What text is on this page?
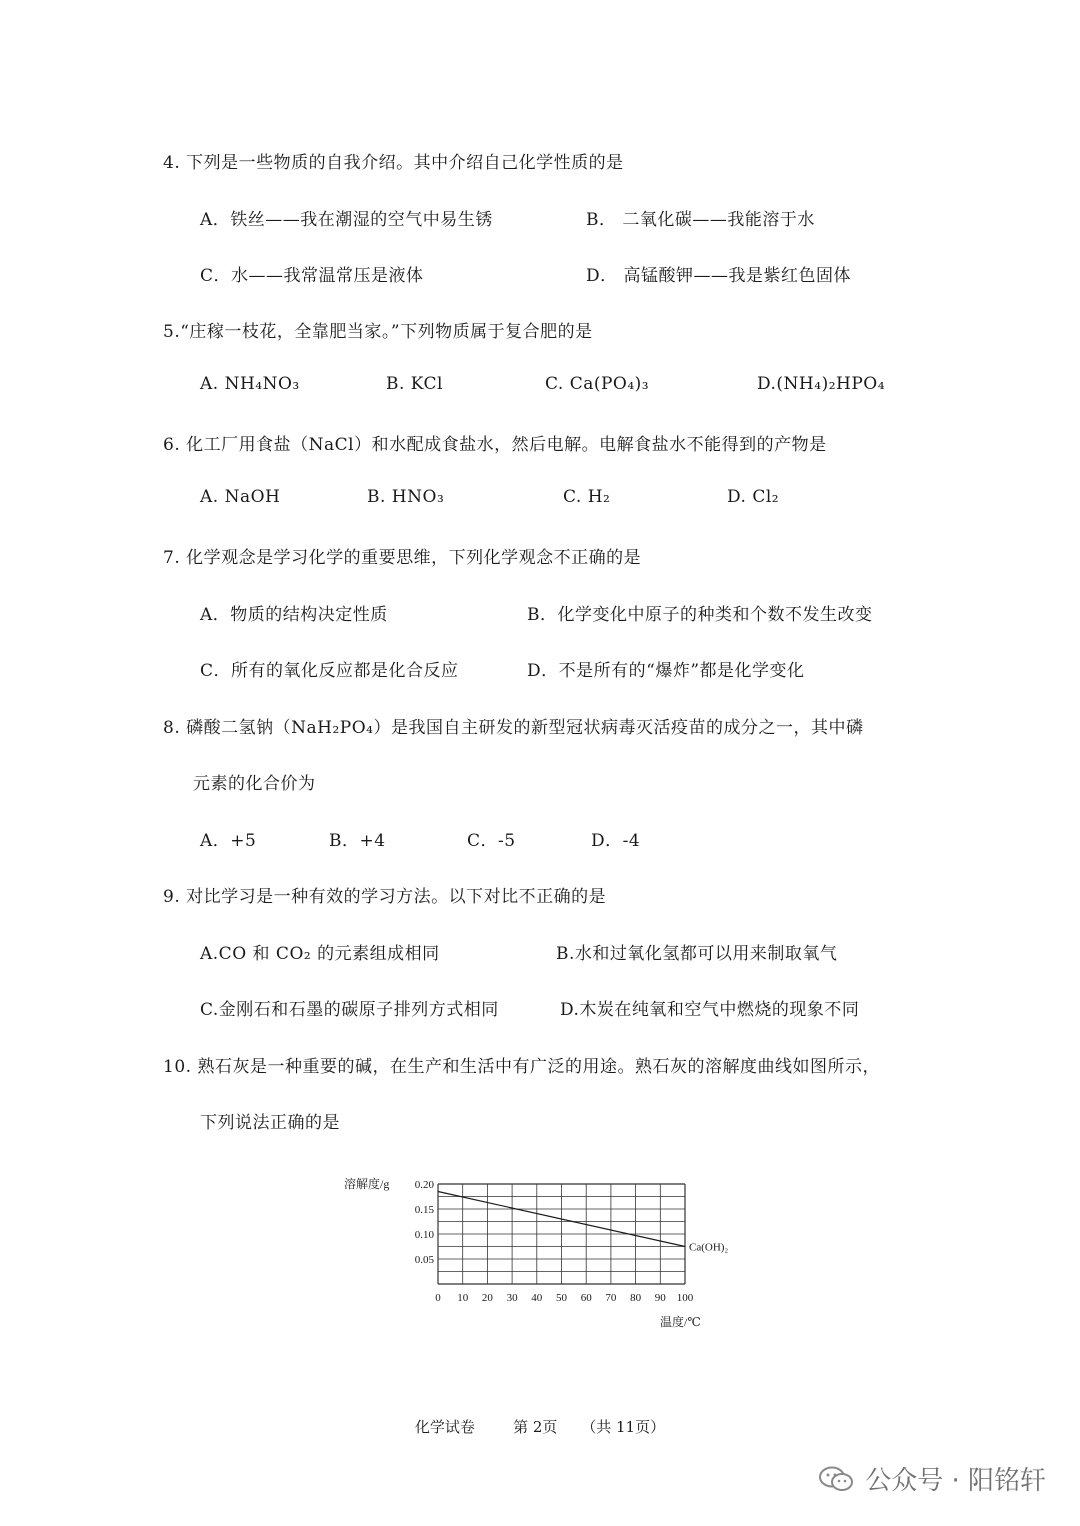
4. 下列是一些物质的自我介绍。其中介绍自己化学性质的是
A．铁丝——我在潮湿的空气中易生锈	B． 二氧化碳——我能溶于水
C．水——我常温常压是液体	D． 高锰酸钾——我是紫红色固体
5.“庄稼一枝花，全靠肥当家。”下列物质属于复合肥的是
A. NH₄NO₃	B. KCl	C. Ca(PO₄)₃	D.(NH₄)₂HPO₄
6. 化工厂用食盐（NaCl）和水配成食盐水，然后电解。电解食盐水不能得到的产物是
A. NaOH	B. HNO₃	C. H₂	D. Cl₂
7. 化学观念是学习化学的重要思维，下列化学观念不正确的是
A．物质的结构决定性质	B．化学变化中原子的种类和个数不发生改变
C．所有的氧化反应都是化合反应	D．不是所有的“爆炸”都是化学变化
8. 磷酸二氢钠（NaH₂PO₄）是我国自主研发的新型冠状病毒灭活疫苗的成分之一，其中磷
元素的化合价为
A．+5	B．+4	C．-5	D．-4
9. 对比学习是一种有效的学习方法。以下对比不正确的是
A.CO 和 CO₂ 的元素组成相同	B.水和过氧化氢都可以用来制取氧气
C.金刚石和石墨的碳原子排列方式相同	D.木炭在纯氧和空气中燃烧的现象不同
10. 熟石灰是一种重要的碱，在生产和生活中有广泛的用途。熟石灰的溶解度曲线如图所示，
下列说法正确的是
0 10 20 30 40 50 60 70 80 90 100
0.20
0.15
0.10
0.05
Ca(OH)₂
溶解度/g
温度/℃
化学试卷	第 2页 （共 11页）
公众号 · 阳铭轩
